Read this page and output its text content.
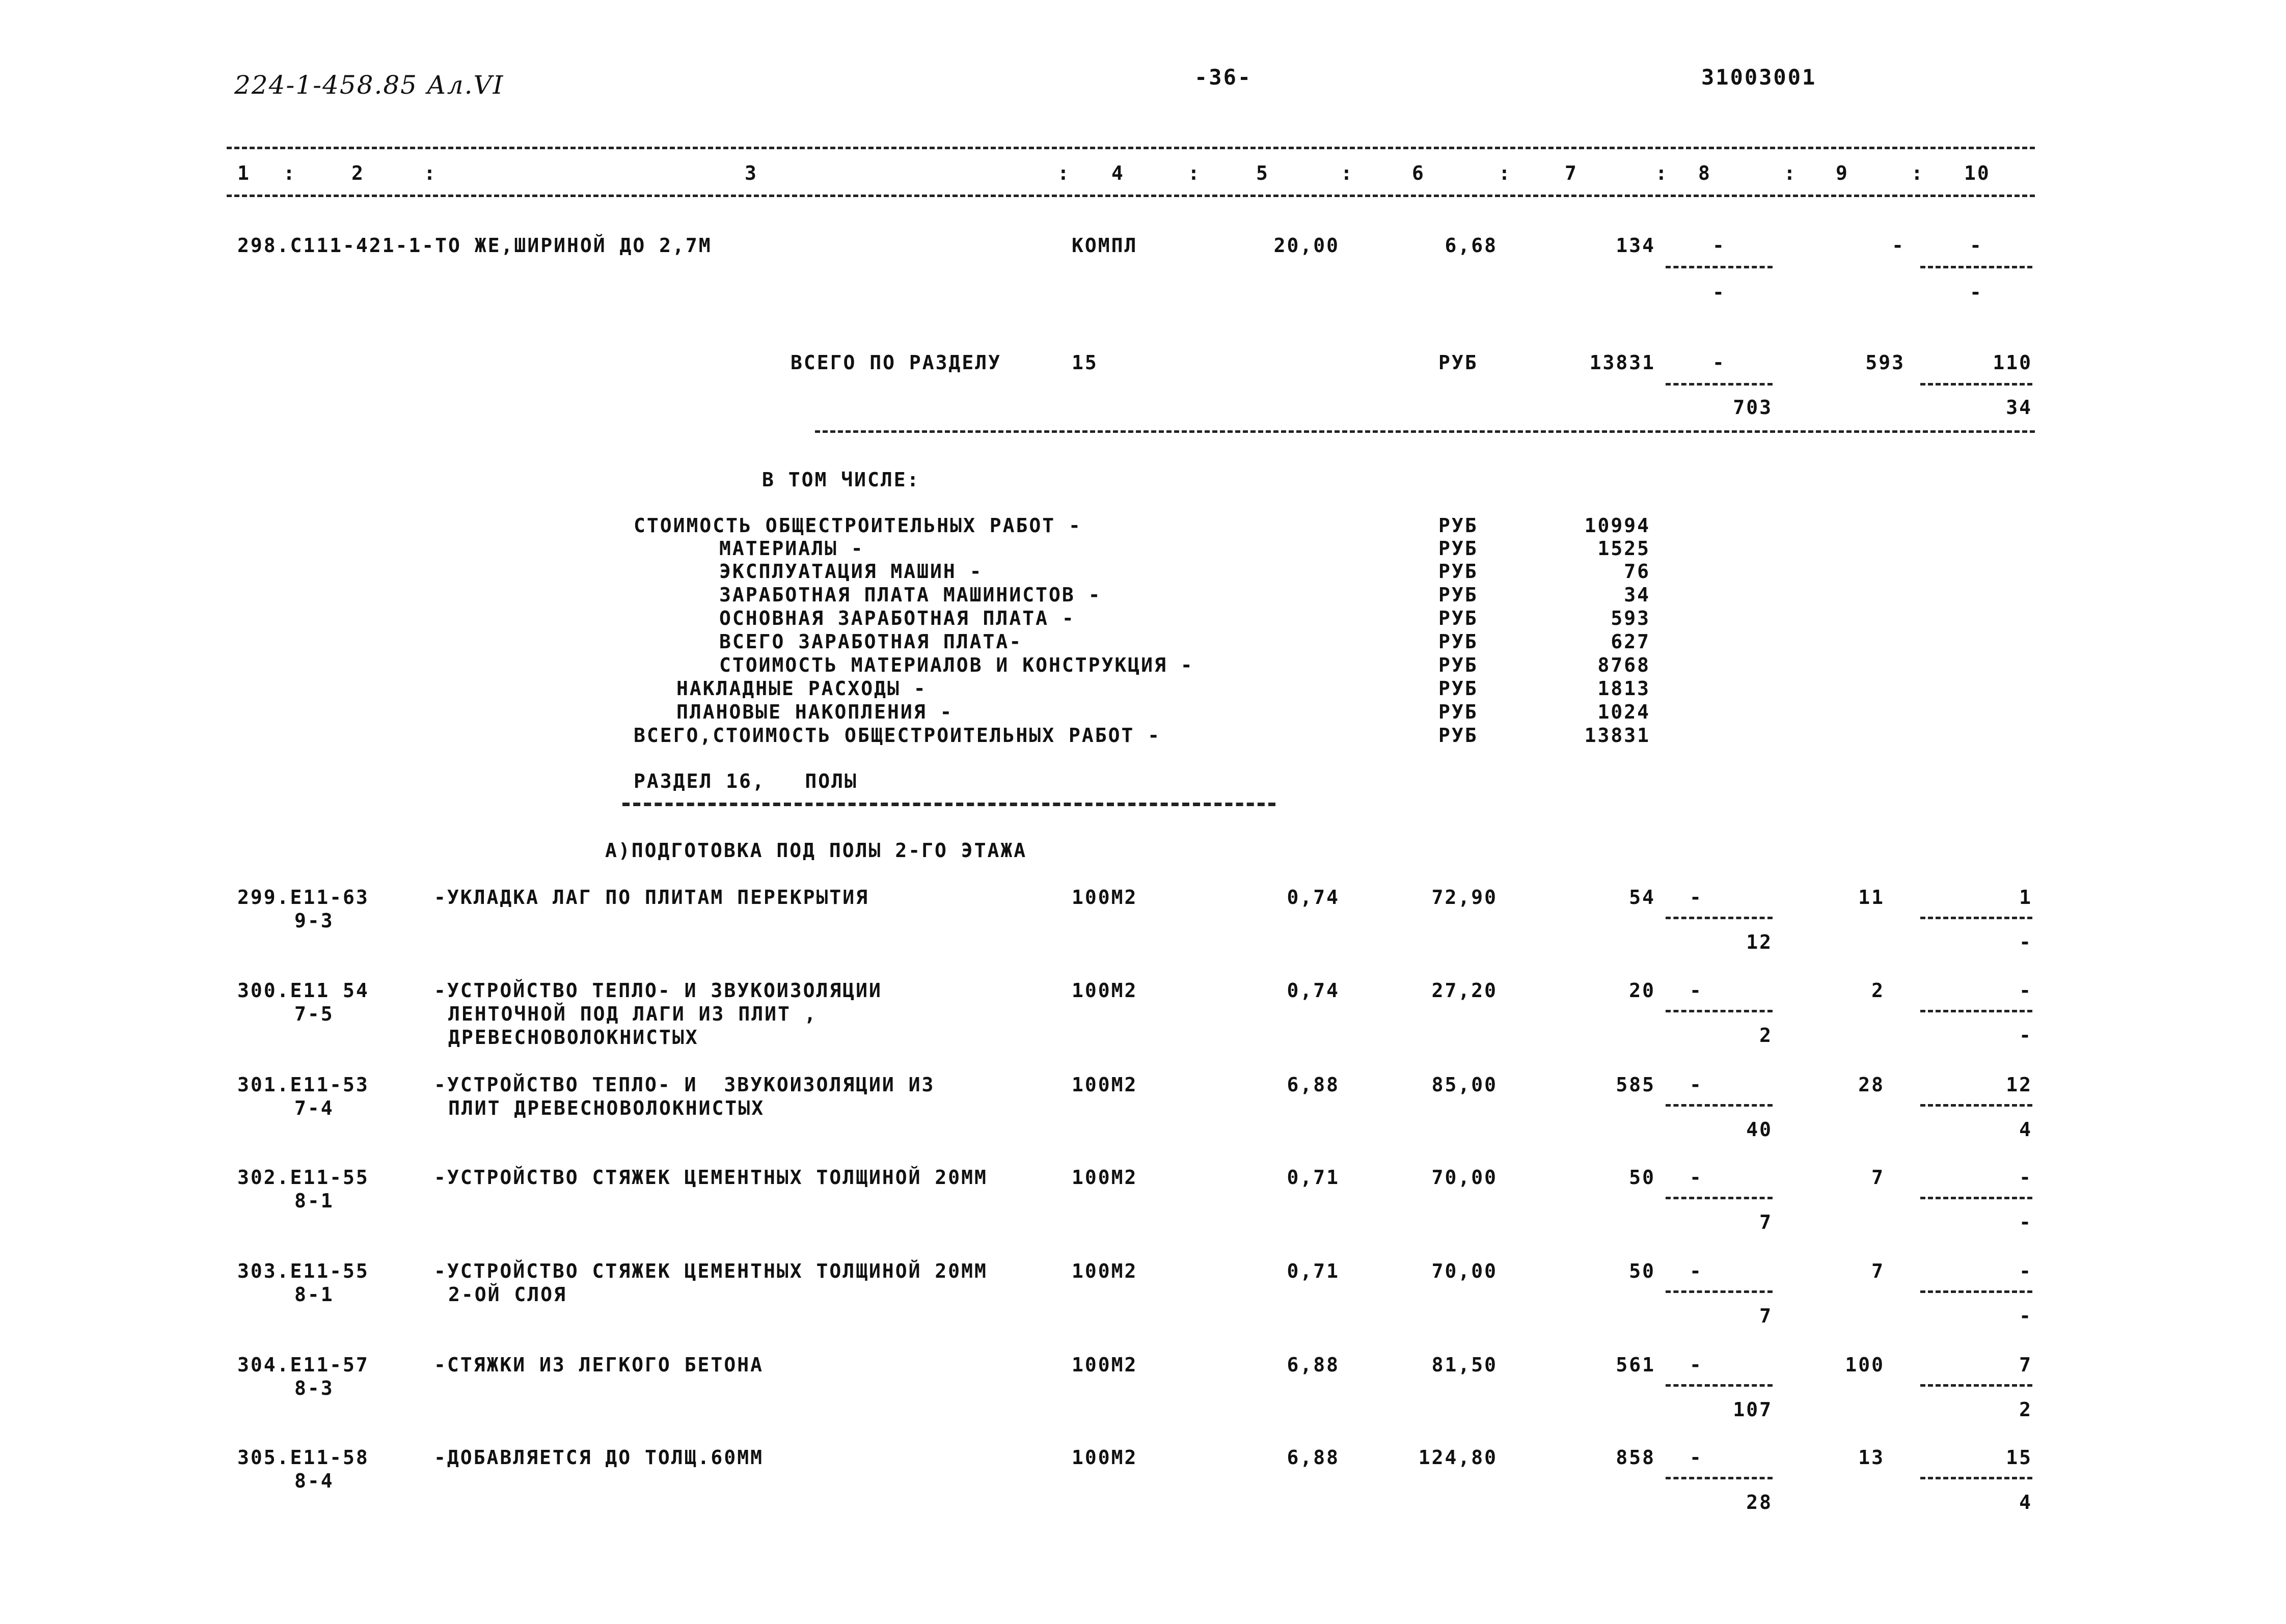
224-1-458.85 Ал.VI	-36-	31003001
1 :	2	:	3	: 4	:	5	:	6	:	7	: 8	: 9	: 10
298.С111-421-1-ТО ЖЕ,ШИРИНОЙ ДО 2,7М	КОМПЛ	20,00	6,68	134	-	-	-
-	-
ВСЕГО ПО РАЗДЕЛУ	15	РУБ	13831	-	593	110
703	34
В ТОМ ЧИСЛЕ:
СТОИМОСТЬ ОБЩЕСТРОИТЕЛЬНЫХ РАБОТ -	РУБ	10994
МАТЕРИАЛЫ -	РУБ	1525
ЭКСПЛУАТАЦИЯ МАШИН -	РУБ	76
ЗАРАБОТНАЯ ПЛАТА МАШИНИСТОВ -	РУБ	34
ОСНОВНАЯ ЗАРАБОТНАЯ ПЛАТА -	РУБ	593
ВСЕГО ЗАРАБОТНАЯ ПЛАТА-	РУБ	627
СТОИМОСТЬ МАТЕРИАЛОВ И КОНСТРУКЦИЯ -	РУБ	8768
НАКЛАДНЫЕ РАСХОДЫ -	РУБ	1813
ПЛАНОВЫЕ НАКОПЛЕНИЯ -	РУБ	1024
ВСЕГО,СТОИМОСТЬ ОБЩЕСТРОИТЕЛЬНЫХ РАБОТ -	РУБ	13831
РАЗДЕЛ 16,   ПОЛЫ
А)ПОДГОТОВКА ПОД ПОЛЫ 2-ГО ЭТАЖА
299.Е11-63
9-3
-УКЛАДКА ЛАГ ПО ПЛИТАМ ПЕРЕКРЫТИЯ	100М2	0,74	72,90	54	-	11	1
12	-
300.Е11 54
7-5
-УСТРОЙСТВО ТЕПЛО- И ЗВУКОИЗОЛЯЦИИ
ЛЕНТОЧНОЙ ПОД ЛАГИ ИЗ ПЛИТ ,
ДРЕВЕСНОВОЛОКНИСТЫХ
100М2	0,74	27,20	20	-	2	-
2	-
301.Е11-53
7-4
-УСТРОЙСТВО ТЕПЛО- И  ЗВУКОИЗОЛЯЦИИ ИЗ
ПЛИТ ДРЕВЕСНОВОЛОКНИСТЫХ
100М2	6,88	85,00	585	-	28	12
40	4
302.Е11-55
8-1
-УСТРОЙСТВО СТЯЖЕК ЦЕМЕНТНЫХ ТОЛЩИНОЙ 20ММ	100М2	0,71	70,00	50	-	7	-
7	-
303.Е11-55
8-1
-УСТРОЙСТВО СТЯЖЕК ЦЕМЕНТНЫХ ТОЛЩИНОЙ 20ММ
2-ОЙ СЛОЯ
100М2	0,71	70,00	50	-	7	-
7	-
304.Е11-57
8-3
-СТЯЖКИ ИЗ ЛЕГКОГО БЕТОНА	100М2	6,88	81,50	561	-	100	7
107	2
305.Е11-58
8-4
-ДОБАВЛЯЕТСЯ ДО ТОЛЩ.60ММ	100М2	6,88	124,80	858	-	13	15
28	4
